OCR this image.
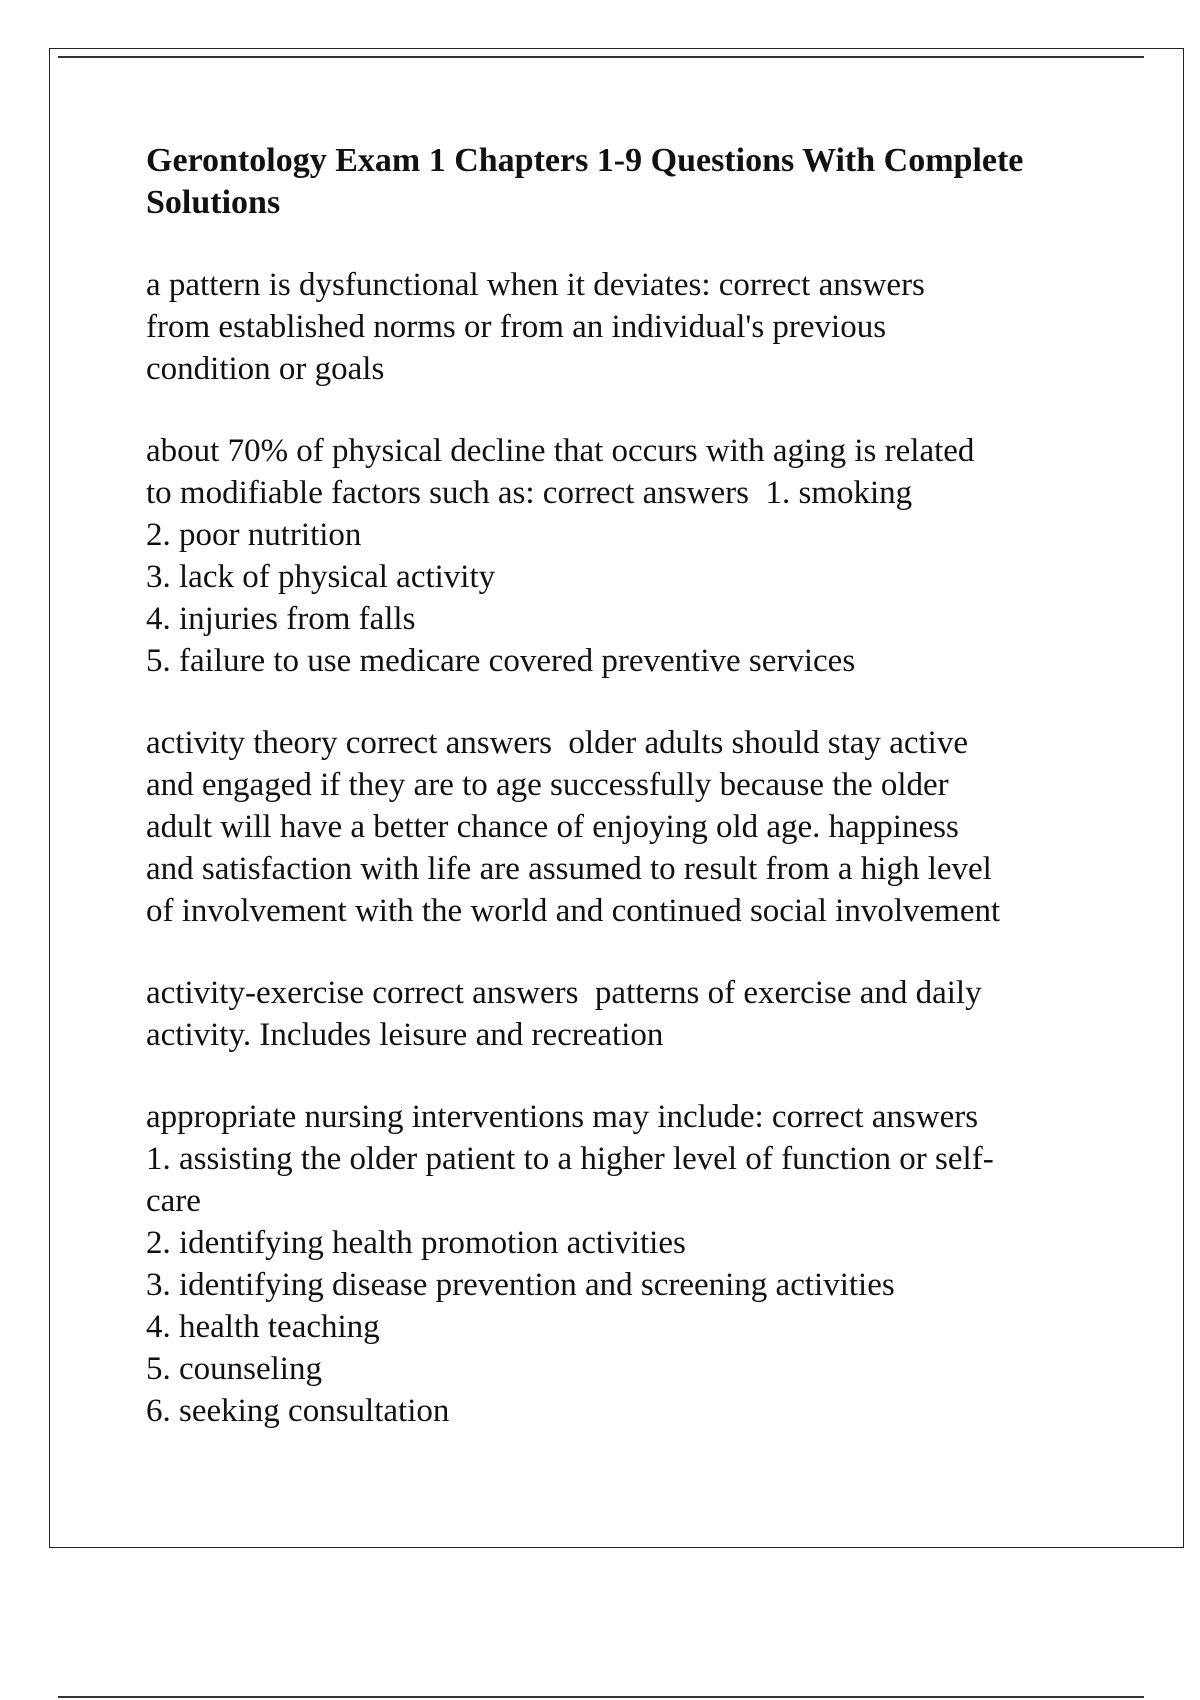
Gerontology Exam 1 Chapters 1-9 Questions With Complete Solutions
a pattern is dysfunctional when it deviates: correct answers
from established norms or from an individual's previous
condition or goals
about 70% of physical decline that occurs with aging is related
to modifiable factors such as: correct answers  1. smoking
2. poor nutrition
3. lack of physical activity
4. injuries from falls
5. failure to use medicare covered preventive services
activity theory correct answers  older adults should stay active
and engaged if they are to age successfully because the older
adult will have a better chance of enjoying old age. happiness
and satisfaction with life are assumed to result from a high level
of involvement with the world and continued social involvement
activity-exercise correct answers  patterns of exercise and daily
activity. Includes leisure and recreation
appropriate nursing interventions may include: correct answers
1. assisting the older patient to a higher level of function or self-
care
2. identifying health promotion activities
3. identifying disease prevention and screening activities
4. health teaching
5. counseling
6. seeking consultation
